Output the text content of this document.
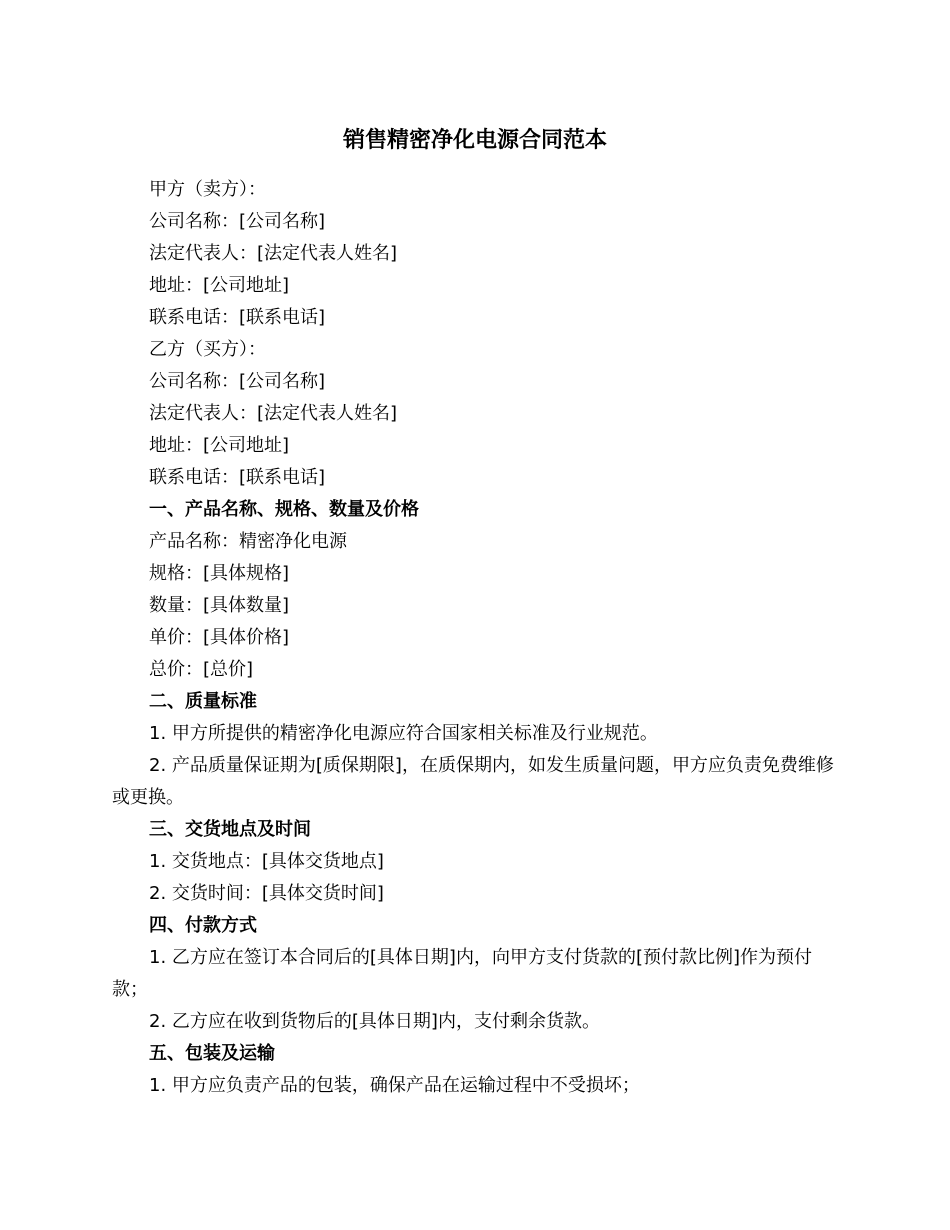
销售精密净化电源合同范本
甲方（卖方）：
公司名称：[公司名称]
法定代表人：[法定代表人姓名]
地址：[公司地址]
联系电话：[联系电话]
乙方（买方）：
公司名称：[公司名称]
法定代表人：[法定代表人姓名]
地址：[公司地址]
联系电话：[联系电话]
一、产品名称、规格、数量及价格
产品名称：精密净化电源
规格：[具体规格]
数量：[具体数量]
单价：[具体价格]
总价：[总价]
二、质量标准
1. 甲方所提供的精密净化电源应符合国家相关标准及行业规范。
2. 产品质量保证期为[质保期限]，在质保期内，如发生质量问题，甲方应负责免费维修或更换。
三、交货地点及时间
1. 交货地点：[具体交货地点]
2. 交货时间：[具体交货时间]
四、付款方式
1. 乙方应在签订本合同后的[具体日期]内，向甲方支付货款的[预付款比例]作为预付款；
2. 乙方应在收到货物后的[具体日期]内，支付剩余货款。
五、包装及运输
1. 甲方应负责产品的包装，确保产品在运输过程中不受损坏；
